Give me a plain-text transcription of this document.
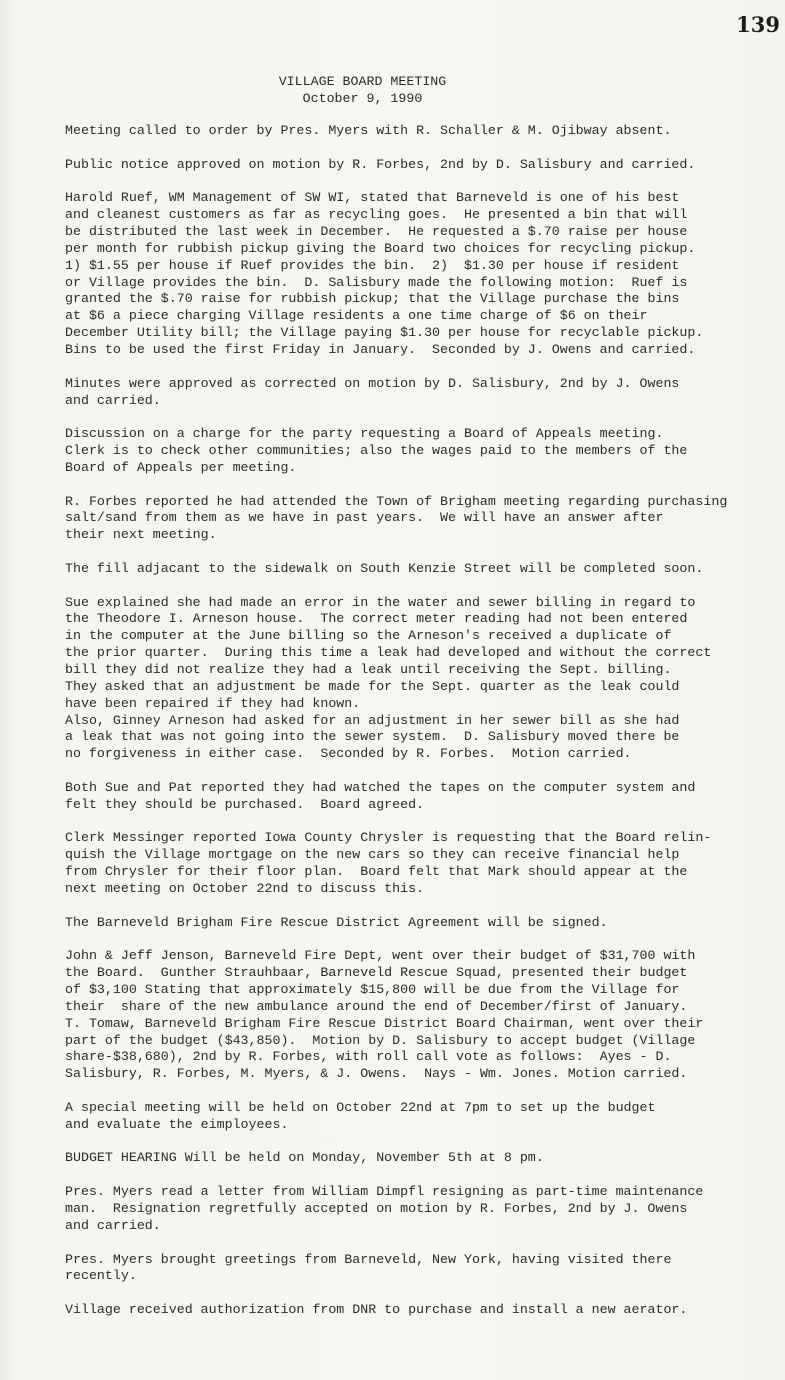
139
VILLAGE BOARD MEETING
October 9, 1990
Meeting called to order by Pres. Myers with R. Schaller & M. Ojibway absent.
Public notice approved on motion by R. Forbes, 2nd by D. Salisbury and carried.
Harold Ruef, WM Management of SW WI, stated that Barneveld is one of his best
and cleanest customers as far as recycling goes.  He presented a bin that will
be distributed the last week in December.  He requested a $.70 raise per house
per month for rubbish pickup giving the Board two choices for recycling pickup.
1) $1.55 per house if Ruef provides the bin.  2)  $1.30 per house if resident
or Village provides the bin.  D. Salisbury made the following motion:  Ruef is
granted the $.70 raise for rubbish pickup; that the Village purchase the bins
at $6 a piece charging Village residents a one time charge of $6 on their
December Utility bill; the Village paying $1.30 per house for recyclable pickup.
Bins to be used the first Friday in January.  Seconded by J. Owens and carried.
Minutes were approved as corrected on motion by D. Salisbury, 2nd by J. Owens
and carried.
Discussion on a charge for the party requesting a Board of Appeals meeting.
Clerk is to check other communities; also the wages paid to the members of the
Board of Appeals per meeting.
R. Forbes reported he had attended the Town of Brigham meeting regarding purchasing
salt/sand from them as we have in past years.  We will have an answer after
their next meeting.
The fill adjacant to the sidewalk on South Kenzie Street will be completed soon.
Sue explained she had made an error in the water and sewer billing in regard to
the Theodore I. Arneson house.  The correct meter reading had not been entered
in the computer at the June billing so the Arneson's received a duplicate of
the prior quarter.  During this time a leak had developed and without the correct
bill they did not realize they had a leak until receiving the Sept. billing.
They asked that an adjustment be made for the Sept. quarter as the leak could
have been repaired if they had known.
Also, Ginney Arneson had asked for an adjustment in her sewer bill as she had
a leak that was not going into the sewer system.  D. Salisbury moved there be
no forgiveness in either case.  Seconded by R. Forbes.  Motion carried.
Both Sue and Pat reported they had watched the tapes on the computer system and
felt they should be purchased.  Board agreed.
Clerk Messinger reported Iowa County Chrysler is requesting that the Board relin-
quish the Village mortgage on the new cars so they can receive financial help
from Chrysler for their floor plan.  Board felt that Mark should appear at the
next meeting on October 22nd to discuss this.
The Barneveld Brigham Fire Rescue District Agreement will be signed.
John & Jeff Jenson, Barneveld Fire Dept, went over their budget of $31,700 with
the Board.  Gunther Strauhbaar, Barneveld Rescue Squad, presented their budget
of $3,100 Stating that approximately $15,800 will be due from the Village for
their  share of the new ambulance around the end of December/first of January.
T. Tomaw, Barneveld Brigham Fire Rescue District Board Chairman, went over their
part of the budget ($43,850).  Motion by D. Salisbury to accept budget (Village
share-$38,680), 2nd by R. Forbes, with roll call vote as follows:  Ayes - D.
Salisbury, R. Forbes, M. Myers, & J. Owens.  Nays - Wm. Jones. Motion carried.
A special meeting will be held on October 22nd at 7pm to set up the budget
and evaluate the eimployees.
BUDGET HEARING Will be held on Monday, November 5th at 8 pm.
Pres. Myers read a letter from William Dimpfl resigning as part-time maintenance
man.  Resignation regretfully accepted on motion by R. Forbes, 2nd by J. Owens
and carried.
Pres. Myers brought greetings from Barneveld, New York, having visited there
recently.
Village received authorization from DNR to purchase and install a new aerator.
